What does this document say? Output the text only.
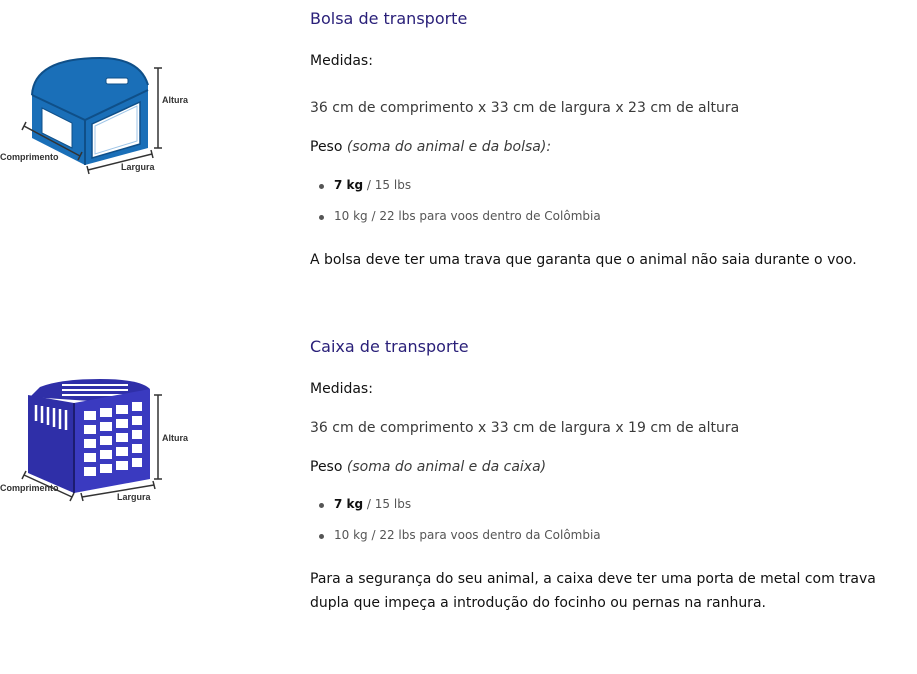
Altura
Comprimento
Largura
Bolsa de transporte
Medidas:
36 cm de comprimento x 33 cm de largura x 23 cm de altura
Peso (soma do animal e da bolsa):
7 kg / 15 lbs
10 kg / 22 lbs para voos dentro de Colômbia
A bolsa deve ter uma trava que garanta que o animal não saia durante o voo.
Altura
Comprimento
Largura
Caixa de transporte
Medidas:
36 cm de comprimento x 33 cm de largura x 19 cm de altura
Peso (soma do animal e da caixa)
7 kg / 15 lbs
10 kg / 22 lbs para voos dentro da Colômbia
Para a segurança do seu animal, a caixa deve ter uma porta de metal com trava dupla que impeça a introdução do focinho ou pernas na ranhura.
